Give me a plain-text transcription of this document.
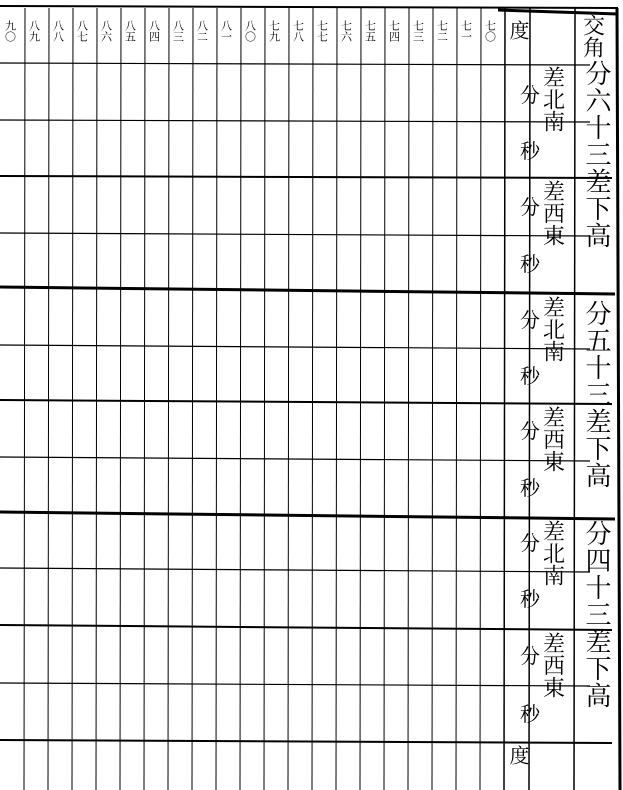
分六十三差下高
分五十三差下高
分四十三差下高
差北南
差西東
差北南
差西東
差北南
差西東
交角
度
度
分
秒
分
秒
分
秒
分
秒
分
秒
分
秒
七〇
七一
七二
七三
七四
七五
七六
七七
七八
七九
八〇
八一
八二
八三
八四
八五
八六
八七
八八
八九
九〇
